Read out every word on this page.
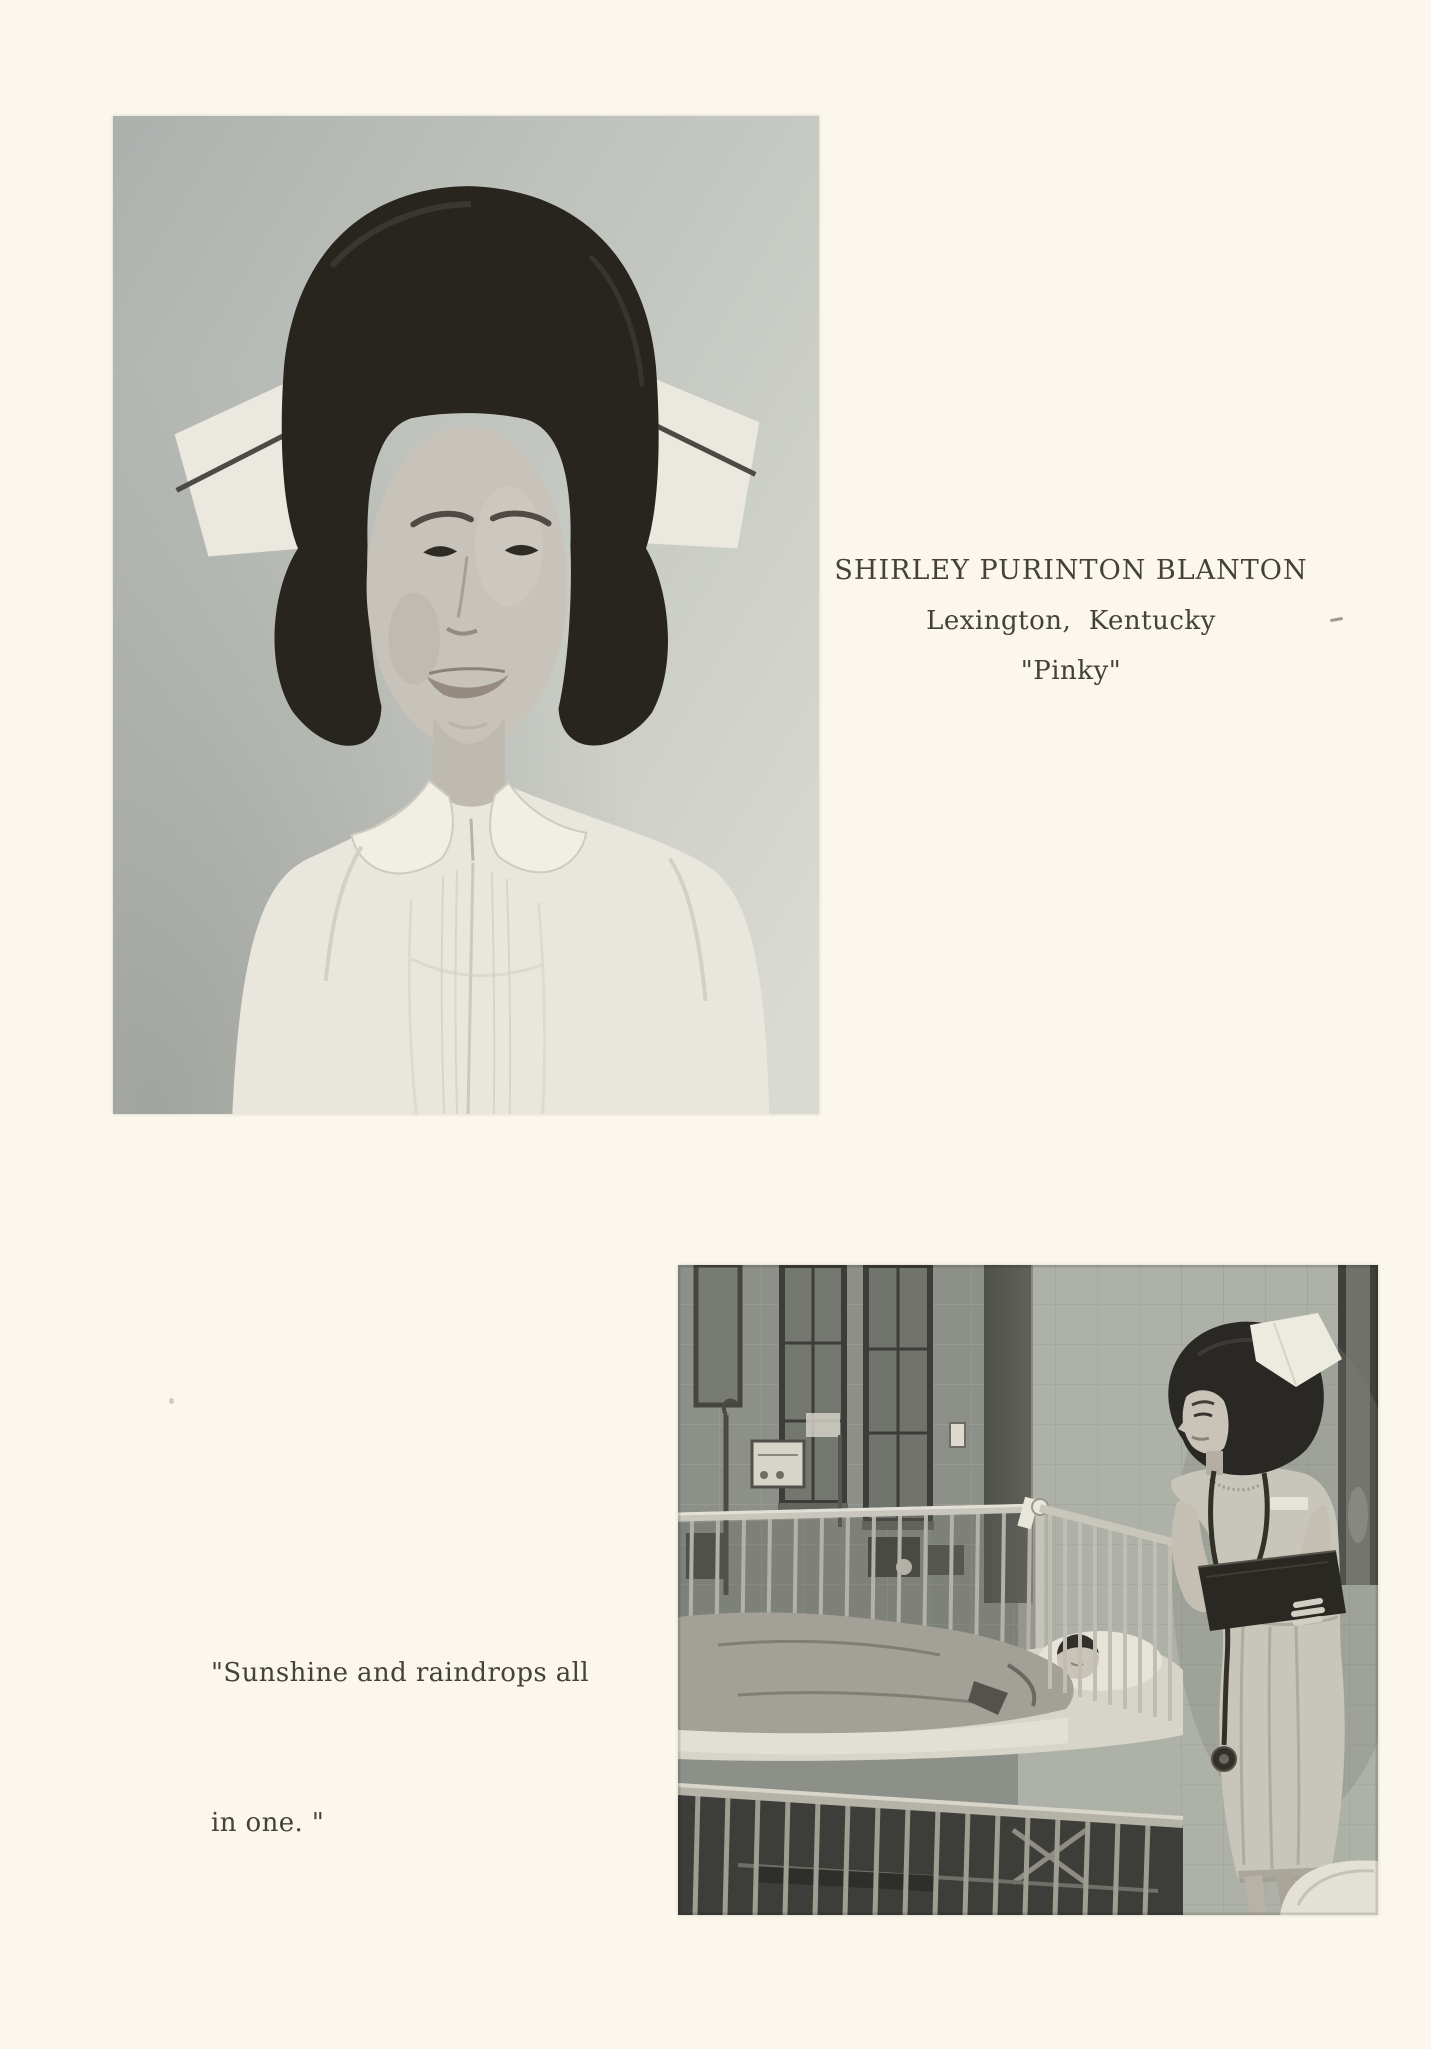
SHIRLEY PURINTON BLANTON
Lexington,  Kentucky
"Pinky"

"Sunshine and raindrops all

in one. "
